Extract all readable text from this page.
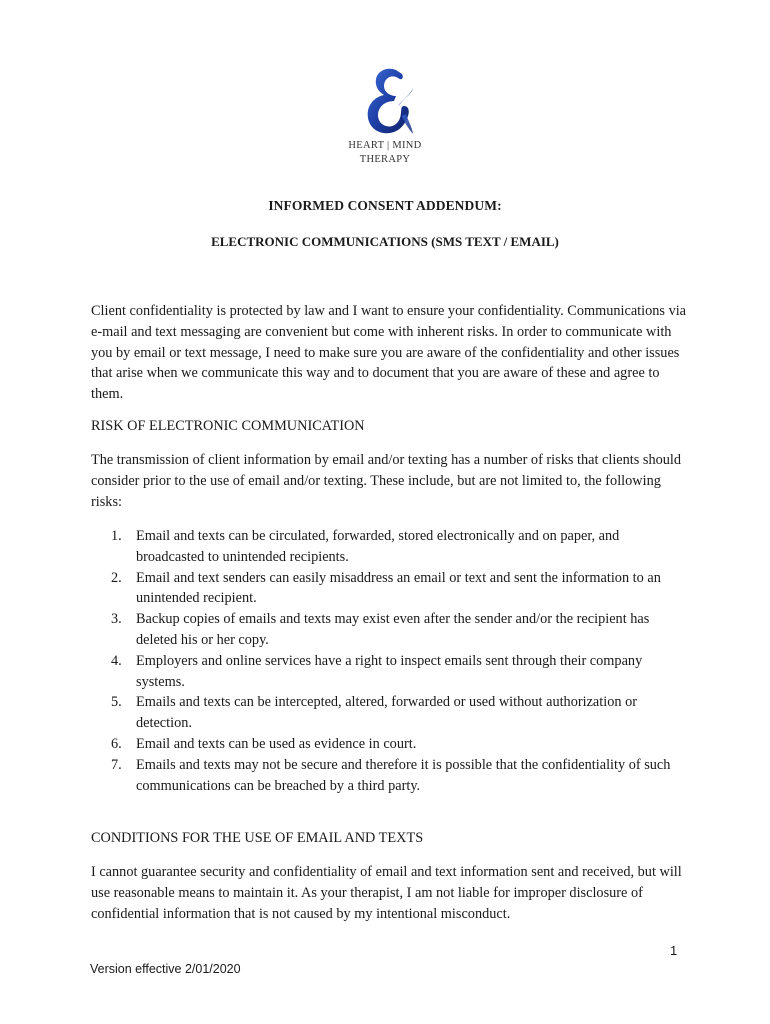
HEART | MIND
THERAPY
INFORMED CONSENT ADDENDUM:
ELECTRONIC COMMUNICATIONS (SMS TEXT / EMAIL)
Client confidentiality is protected by law and I want to ensure your confidentiality. Communications via e-mail and text messaging are convenient but come with inherent risks. In order to communicate with you by email or text message, I need to make sure you are aware of the confidentiality and other issues that arise when we communicate this way and to document that you are aware of these and agree to them.
RISK OF ELECTRONIC COMMUNICATION
The transmission of client information by email and/or texting has a number of risks that clients should consider prior to the use of email and/or texting. These include, but are not limited to, the following risks:
1. Email and texts can be circulated, forwarded, stored electronically and on paper, and broadcasted to unintended recipients.
2. Email and text senders can easily misaddress an email or text and sent the information to an unintended recipient.
3. Backup copies of emails and texts may exist even after the sender and/or the recipient has deleted his or her copy.
4. Employers and online services have a right to inspect emails sent through their company systems.
5. Emails and texts can be intercepted, altered, forwarded or used without authorization or detection.
6. Email and texts can be used as evidence in court.
7. Emails and texts may not be secure and therefore it is possible that the confidentiality of such communications can be breached by a third party.
CONDITIONS FOR THE USE OF EMAIL AND TEXTS
I cannot guarantee security and confidentiality of email and text information sent and received, but will use reasonable means to maintain it. As your therapist, I am not liable for improper disclosure of confidential information that is not caused by my intentional misconduct.
1
Version effective 2/01/2020
